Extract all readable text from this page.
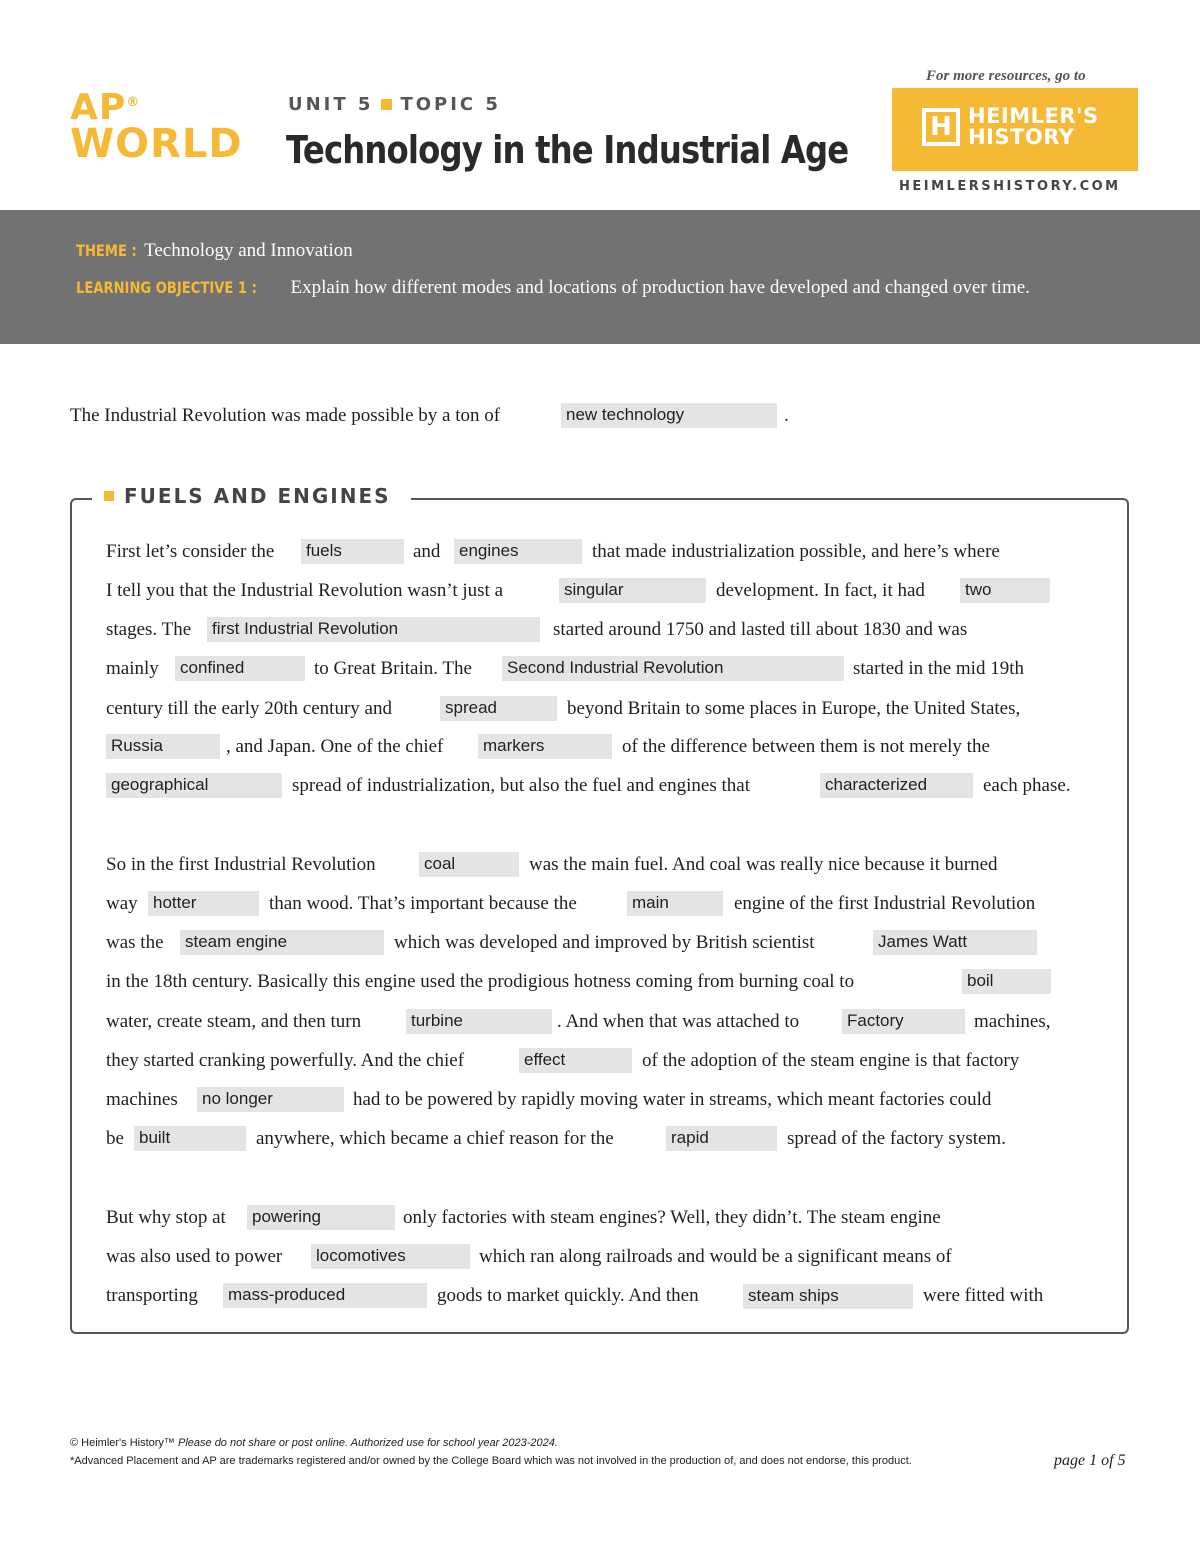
AP®
WORLD
UNIT 5 TOPIC 5
Technology in the Industrial Age
For more resources, go to
H HEIMLER'S
HISTORY
HEIMLERSHISTORY.COM
THEME : Technology and Innovation
LEARNING OBJECTIVE 1 : Explain how different modes and locations of production have developed and changed over time.
The Industrial Revolution was made possible by a ton of	new technology	.
FUELS AND ENGINES
First let’s consider the fuels	and engines	that made industrialization possible, and here’s where
I tell you that the Industrial Revolution wasn’t just a	singular	development. In fact, it had two
stages. The first Industrial Revolution	started around 1750 and lasted till about 1830 and was
mainly confined	to Great Britain. The Second Industrial Revolution	started in the mid 19th
century till the early 20th century and	spread	beyond Britain to some places in Europe, the United States,
Russia	, and Japan. One of the chief markers	of the difference between them is not merely the
geographical	spread of industrialization, but also the fuel and engines that	characterized	each phase.
So in the first Industrial Revolution	coal	was the main fuel. And coal was really nice because it burned
way hotter	than wood. That’s important because the	main	engine of the first Industrial Revolution
was the steam engine	which was developed and improved by British scientist	James Watt
in the 18th century. Basically this engine used the prodigious hotness coming from burning coal to	boil
water, create steam, and then turn	turbine	. And when that was attached to	Factory	machines,
they started cranking powerfully. And the chief	effect	of the adoption of the steam engine is that factory
machines no longer	had to be powered by rapidly moving water in streams, which meant factories could
be built	anywhere, which became a chief reason for the	rapid	spread of the factory system.
But why stop at powering	only factories with steam engines? Well, they didn’t. The steam engine
was also used to power locomotives	which ran along railroads and would be a significant means of
transporting mass-produced	goods to market quickly. And then	steam ships	were fitted with
© Heimler's History™ Please do not share or post online. Authorized use for school year 2023-2024.
*Advanced Placement and AP are trademarks registered and/or owned by the College Board which was not involved in the production of, and does not endorse, this product.	page 1 of 5
